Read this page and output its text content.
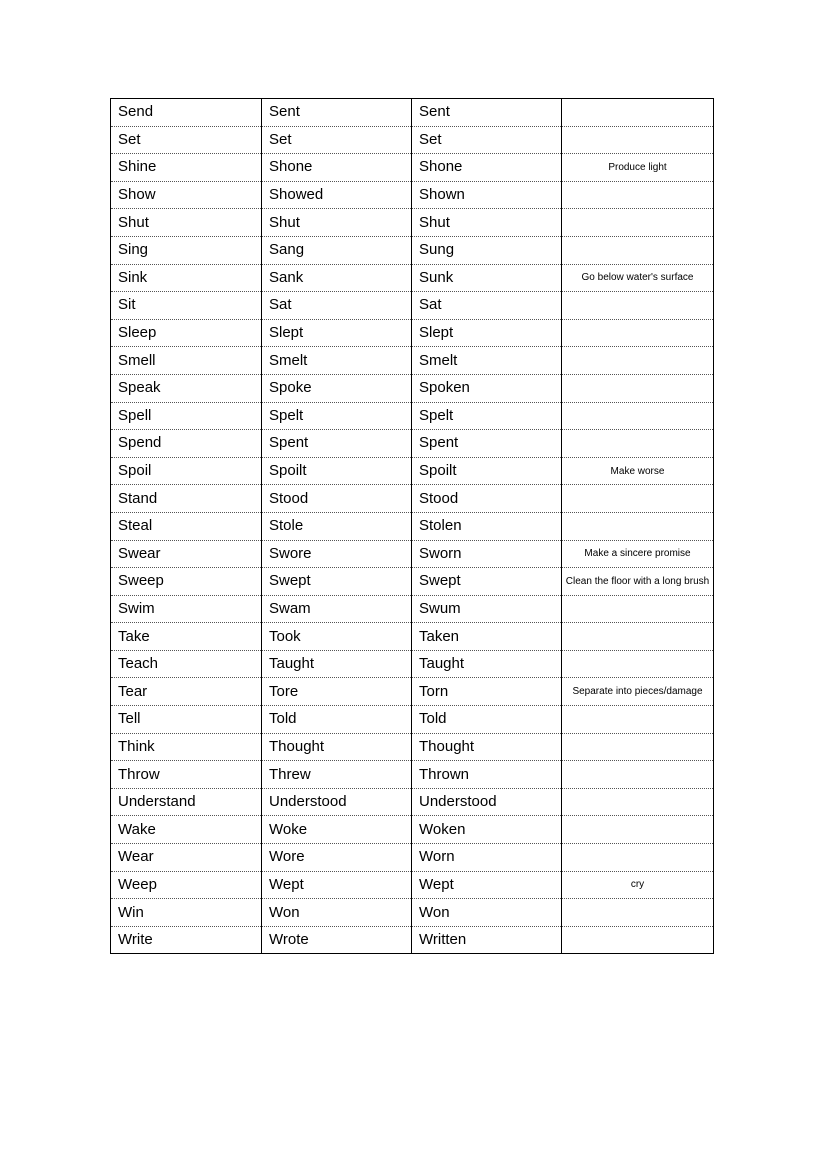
Send	Sent	Sent	
Set	Set	Set	
Shine	Shone	Shone	Produce light
Show	Showed	Shown	
Shut	Shut	Shut	
Sing	Sang	Sung	
Sink	Sank	Sunk	Go below water's surface
Sit	Sat	Sat	
Sleep	Slept	Slept	
Smell	Smelt	Smelt	
Speak	Spoke	Spoken	
Spell	Spelt	Spelt	
Spend	Spent	Spent	
Spoil	Spoilt	Spoilt	Make worse
Stand	Stood	Stood	
Steal	Stole	Stolen	
Swear	Swore	Sworn	Make a sincere promise
Sweep	Swept	Swept	Clean the floor with a long brush
Swim	Swam	Swum	
Take	Took	Taken	
Teach	Taught	Taught	
Tear	Tore	Torn	Separate into pieces/damage
Tell	Told	Told	
Think	Thought	Thought	
Throw	Threw	Thrown	
Understand	Understood	Understood	
Wake	Woke	Woken	
Wear	Wore	Worn	
Weep	Wept	Wept	cry
Win	Won	Won	
Write	Wrote	Written	
